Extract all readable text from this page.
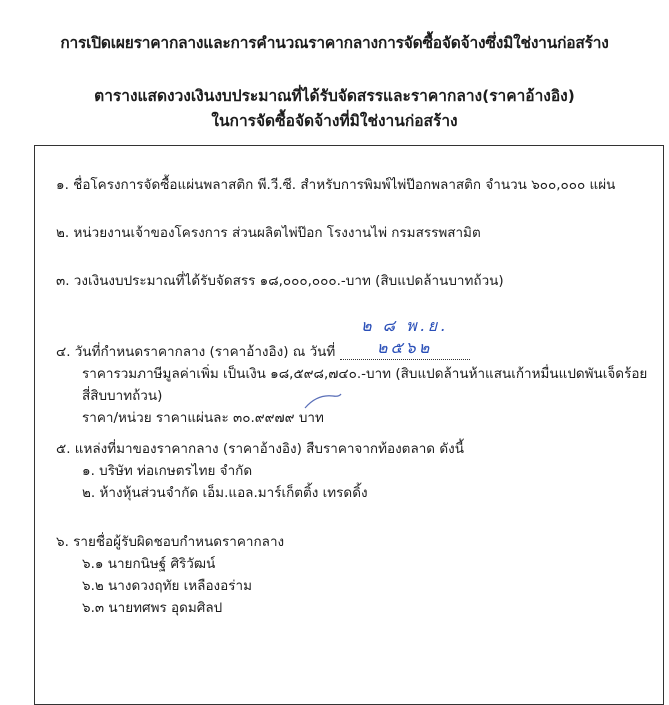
การเปิดเผยราคากลางและการคำนวณราคากลางการจัดซื้อจัดจ้างซึ่งมิใช่งานก่อสร้าง
ตารางแสดงวงเงินงบประมาณที่ได้รับจัดสรรและราคากลาง(ราคาอ้างอิง)
ในการจัดซื้อจัดจ้างที่มิใช่งานก่อสร้าง
๑. ชื่อโครงการจัดซื้อแผ่นพลาสติก พี.วี.ซี. สำหรับการพิมพ์ไพ่ป๊อกพลาสติก จำนวน ๖๐๐,๐๐๐ แผ่น
๒. หน่วยงานเจ้าของโครงการ ส่วนผลิตไพ่ป๊อก โรงงานไพ่ กรมสรรพสามิต
๓. วงเงินงบประมาณที่ได้รับจัดสรร ๑๘,๐๐๐,๐๐๐.-บาท (สิบแปดล้านบาทถ้วน)
๔. วันที่กำหนดราคากลาง (ราคาอ้างอิง) ณ วันที่ ๒ ๘ พ.ย. ๒๕๖๒
ราคารวมภาษีมูลค่าเพิ่ม เป็นเงิน ๑๘,๕๙๘,๗๔๐.-บาท (สิบแปดล้านห้าแสนเก้าหมื่นแปดพันเจ็ดร้อย
สี่สิบบาทถ้วน)
ราคา/หน่วย ราคาแผ่นละ ๓๐.๙๙๗๙ บาท
๕. แหล่งที่มาของราคากลาง (ราคาอ้างอิง) สืบราคาจากท้องตลาด ดังนี้
๑. บริษัท ท่อเกษตรไทย จำกัด
๒. ห้างหุ้นส่วนจำกัด เอ็ม.แอล.มาร์เก็ตติ้ง เทรดดิ้ง
๖. รายชื่อผู้รับผิดชอบกำหนดราคากลาง
๖.๑ นายกนิษฐ์ ศิริวัฒน์
๖.๒ นางดวงฤทัย เหลืองอร่าม
๖.๓ นายทศพร อุดมศิลป
